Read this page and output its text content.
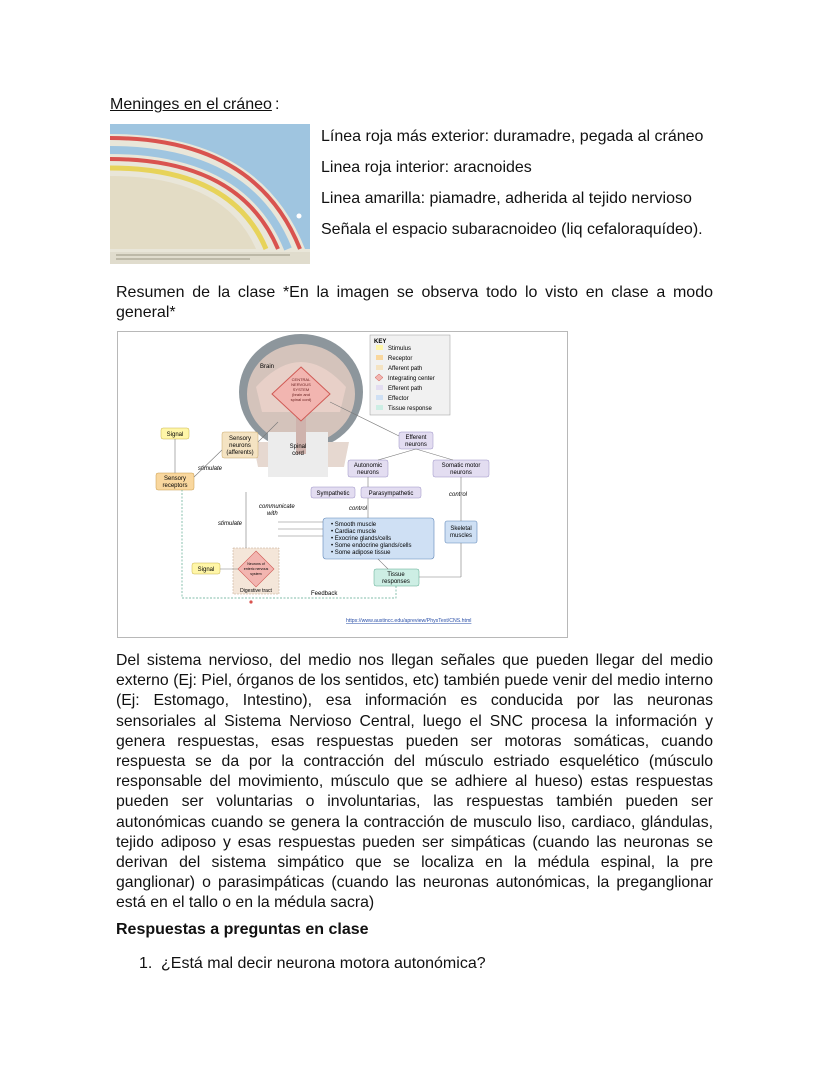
Meninges en el cráneo :
Línea roja más exterior: duramadre, pegada al cráneo
Linea roja interior: aracnoides
Linea amarilla: piamadre, adherida al tejido nervioso
Señala el espacio subaracnoideo (liq cefaloraquídeo).
Resumen de la clase *En la imagen se observa todo lo visto en clase a modo general*
Brain
CENTRAL
NERVOUS
SYSTEM
(brain and
spinal cord)
KEY
Stimulus
Receptor
Afferent path
Integrating center
Efferent path
Effector
Tissue response
Signal
Sensory
neurons
(afferents)
Spinal
cord
stimulate
Sensory
receptors
Efferent
neurons
Autonomic
neurons
Somatic motor
neurons
Sympathetic	Parasympathetic	control
control
communicate
with
stimulate	• Smooth muscle
• Cardiac muscle
• Exocrine glands/cells
• Some endocrine glands/cells
• Some adipose tissue
Skeletal
muscles
Signal
Neurons of
enteric nervous
system
Digestive tract
Tissue
responses
Feedback
https://www.austincc.edu/apreview/PhysText/CNS.html
Del sistema nervioso, del medio nos llegan señales que pueden llegar del medio externo (Ej: Piel, órganos de los sentidos, etc) también puede venir del medio interno (Ej: Estomago, Intestino), esa información es conducida por las neuronas sensoriales al Sistema Nervioso Central, luego el SNC procesa la información y genera respuestas, esas respuestas pueden ser motoras somáticas, cuando respuesta se da por la contracción del músculo estriado esquelético (músculo responsable del movimiento, músculo que se adhiere al hueso) estas respuestas pueden ser voluntarias o involuntarias, las respuestas también pueden ser autonómicas cuando se genera la contracción de musculo liso, cardiaco, glándulas, tejido adiposo y esas respuestas pueden ser simpáticas (cuando las neuronas se derivan del sistema simpático que se localiza en la médula espinal, la pre ganglionar) o parasimpáticas (cuando las neuronas autonómicas, la preganglionar está en el tallo o en la médula sacra)
Respuestas a preguntas en clase
1. ¿Está mal decir neurona motora autonómica?
